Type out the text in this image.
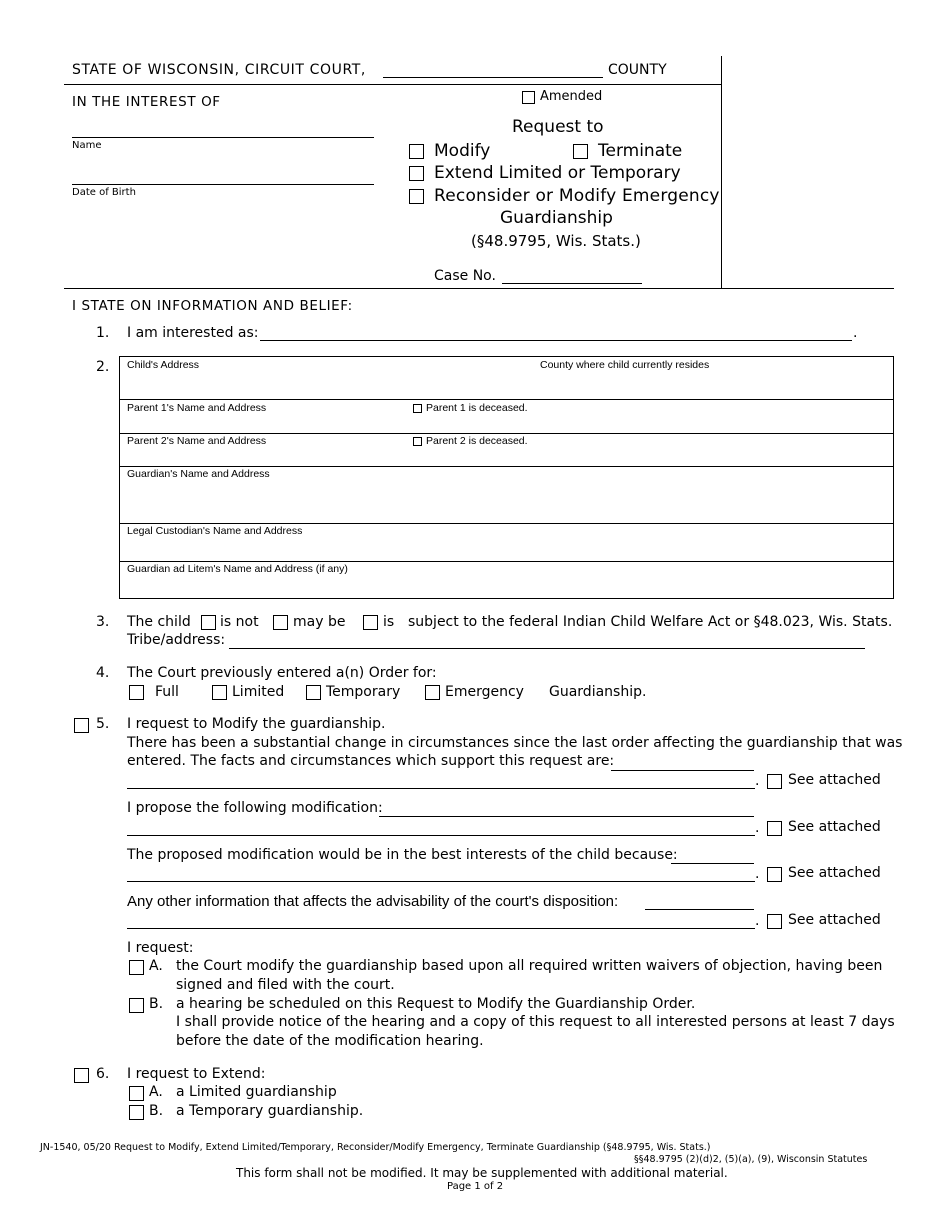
STATE OF WISCONSIN, CIRCUIT COURT,	COUNTY
IN THE INTEREST OF
Name
Date of Birth
Amended
Request to
Modify	Terminate
Extend Limited or Temporary
Reconsider or Modify Emergency
Guardianship
(§48.9795, Wis. Stats.)
Case No.
I STATE ON INFORMATION AND BELIEF:
1. I am interested as:	.
2. Child's Address	County where child currently resides
Parent 1's Name and Address	Parent 1 is deceased.
Parent 2's Name and Address	Parent 2 is deceased.
Guardian's Name and Address
Legal Custodian's Name and Address
Guardian ad Litem's Name and Address (if any)
3. The child is not may be	is subject to the federal Indian Child Welfare Act or §48.023, Wis. Stats.
Tribe/address:
4. The Court previously entered a(n) Order for:
Full	Limited	Temporary	Emergency Guardianship.
5. I request to Modify the guardianship.
There has been a substantial change in circumstances since the last order affecting the guardianship that was
entered. The facts and circumstances which support this request are:
. See attached
I propose the following modification:
. See attached
The proposed modification would be in the best interests of the child because:
. See attached
Any other information that affects the advisability of the court's disposition:
. See attached
I request:
A. the Court modify the guardianship based upon all required written waivers of objection, having been
signed and filed with the court.
B. a hearing be scheduled on this Request to Modify the Guardianship Order.
I shall provide notice of the hearing and a copy of this request to all interested persons at least 7 days
before the date of the modification hearing.
6. I request to Extend:
A. a Limited guardianship
B. a Temporary guardianship.
JN-1540, 05/20 Request to Modify, Extend Limited/Temporary, Reconsider/Modify Emergency, Terminate Guardianship (§48.9795, Wis. Stats.)
§§48.9795 (2)(d)2, (5)(a), (9), Wisconsin Statutes
This form shall not be modified. It may be supplemented with additional material.
Page 1 of 2
